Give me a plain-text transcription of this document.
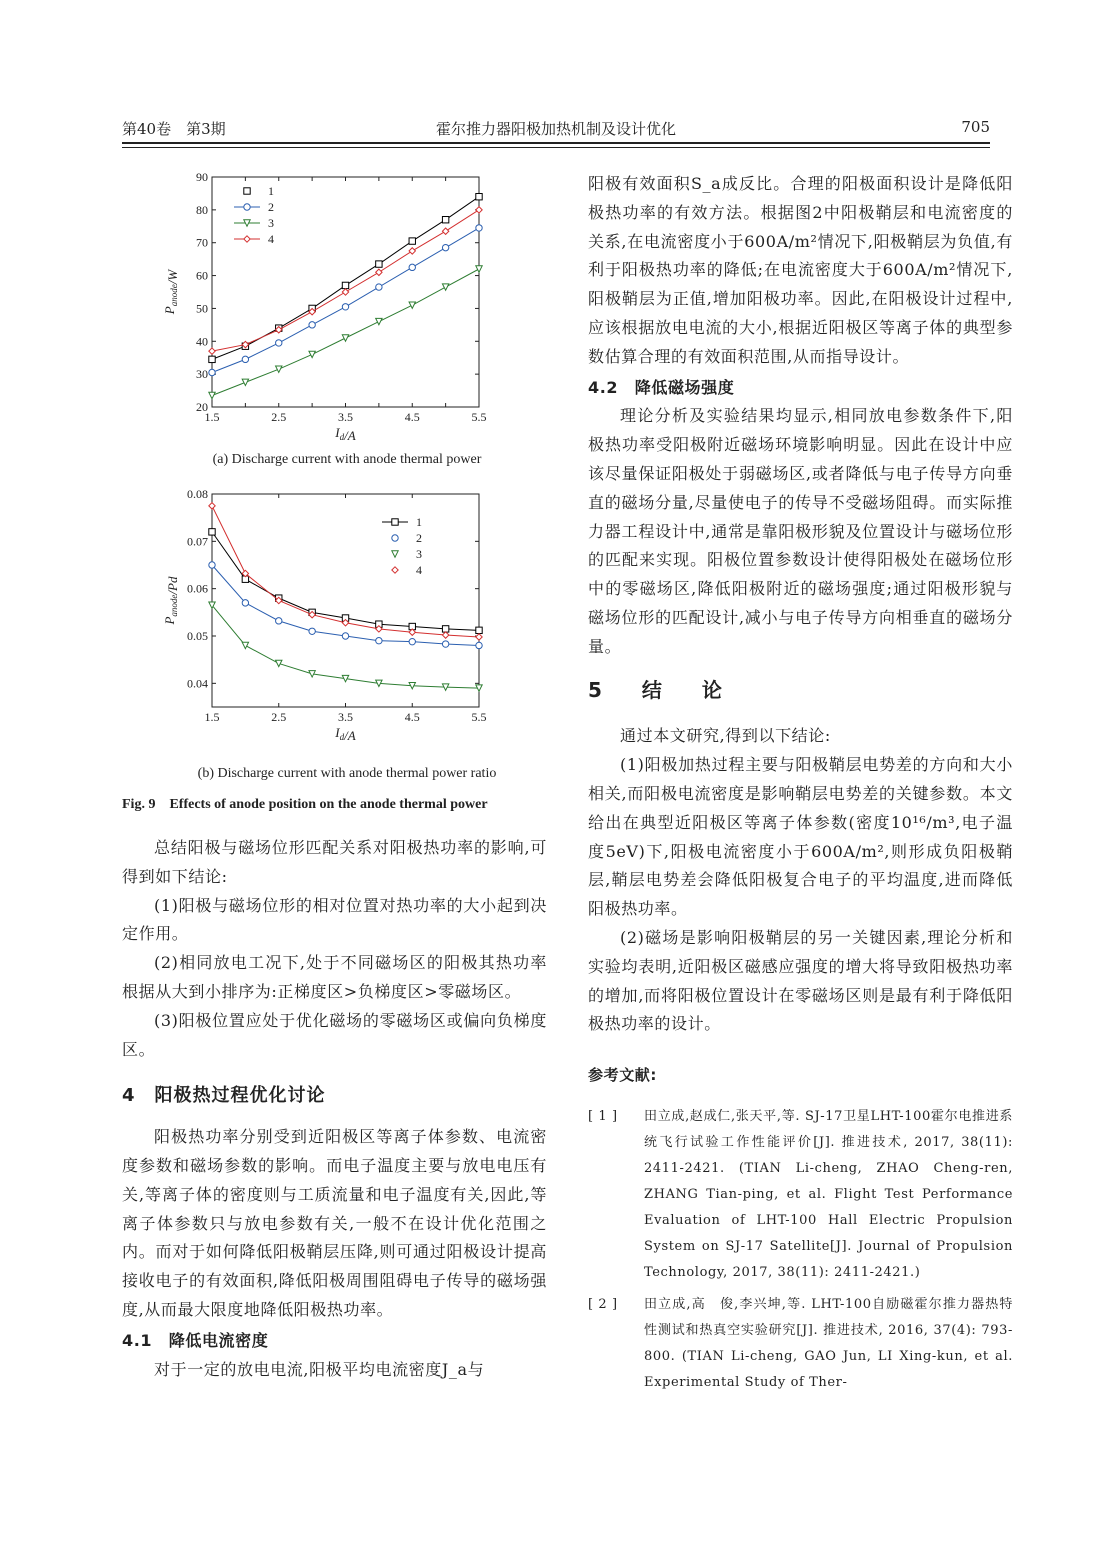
第40卷　第3期	霍尔推力器阳极加热机制及设计优化	705
1.5	2.5	3.5	4.5	5.5
20
30
40
50
60
70
80
90
1
2
3
4
$I_d/A$
$P_{anode}/W$
(a) Discharge current with anode thermal power
1.5	2.5	3.5	4.5	5.5
0.04
0.05
0.06
0.07
0.08
1
2
3
4
$I_d/A$
$P_{anode}/Pd$
(b) Discharge current with anode thermal power ratio
Fig. 9　Effects of anode position on the anode thermal power

总结阳极与磁场位形匹配关系对阳极热功率的影响,可得到如下结论:

(1)阳极与磁场位形的相对位置对热功率的大小起到决定作用。

(2)相同放电工况下,处于不同磁场区的阳极其热功率根据从大到小排序为:正梯度区>负梯度区>零磁场区。

(3)阳极位置应处于优化磁场的零磁场区或偏向负梯度区。

4　阳极热过程优化讨论

阳极热功率分别受到近阳极区等离子体参数、电流密度参数和磁场参数的影响。而电子温度主要与放电电压有关,等离子体的密度则与工质流量和电子温度有关,因此,等离子体参数只与放电参数有关,一般不在设计优化范围之内。而对于如何降低阳极鞘层压降,则可通过阳极设计提高接收电子的有效面积,降低阳极周围阻碍电子传导的磁场强度,从而最大限度地降低阳极热功率。

4.1　降低电流密度

对于一定的放电电流,阳极平均电流密度J_a与

阳极有效面积S_a成反比。合理的阳极面积设计是降低阳极热功率的有效方法。根据图2中阳极鞘层和电流密度的关系,在电流密度小于600A/m²情况下,阳极鞘层为负值,有利于阳极热功率的降低;在电流密度大于600A/m²情况下,阳极鞘层为正值,增加阳极功率。因此,在阳极设计过程中,应该根据放电电流的大小,根据近阳极区等离子体的典型参数估算合理的有效面积范围,从而指导设计。

4.2　降低磁场强度

理论分析及实验结果均显示,相同放电参数条件下,阳极热功率受阳极附近磁场环境影响明显。因此在设计中应该尽量保证阳极处于弱磁场区,或者降低与电子传导方向垂直的磁场分量,尽量使电子的传导不受磁场阻碍。而实际推力器工程设计中,通常是靠阳极形貌及位置设计与磁场位形的匹配来实现。阳极位置参数设计使得阳极处在磁场位形中的零磁场区,降低阳极附近的磁场强度;通过阳极形貌与磁场位形的匹配设计,减小与电子传导方向相垂直的磁场分量。

5　结　论

通过本文研究,得到以下结论:

(1)阳极加热过程主要与阳极鞘层电势差的方向和大小相关,而阳极电流密度是影响鞘层电势差的关键参数。本文给出在典型近阳极区等离子体参数(密度10¹⁶/m³,电子温度5eV)下,阳极电流密度小于600A/m²,则形成负阳极鞘层,鞘层电势差会降低阳极复合电子的平均温度,进而降低阳极热功率。

(2)磁场是影响阳极鞘层的另一关键因素,理论分析和实验均表明,近阳极区磁感应强度的增大将导致阳极热功率的增加,而将阳极位置设计在零磁场区则是最有利于降低阳极热功率的设计。

参考文献:
[ 1 ] 田立成,赵成仁,张天平,等. SJ-17卫星LHT-100霍尔电推进系统飞行试验工作性能评价[J]. 推进技术, 2017, 38(11): 2411-2421. (TIAN Li-cheng, ZHAO Cheng-ren, ZHANG Tian-ping, et al. Flight Test Performance Evaluation of LHT-100 Hall Electric Propulsion System on SJ-17 Satellite[J]. Journal of Propulsion Technology, 2017, 38(11): 2411-2421.)
[ 2 ] 田立成,高　俊,李兴坤,等. LHT-100自励磁霍尔推力器热特性测试和热真空实验研究[J]. 推进技术, 2016, 37(4): 793-800. (TIAN Li-cheng, GAO Jun, LI Xing-kun, et al. Experimental Study of Ther-
